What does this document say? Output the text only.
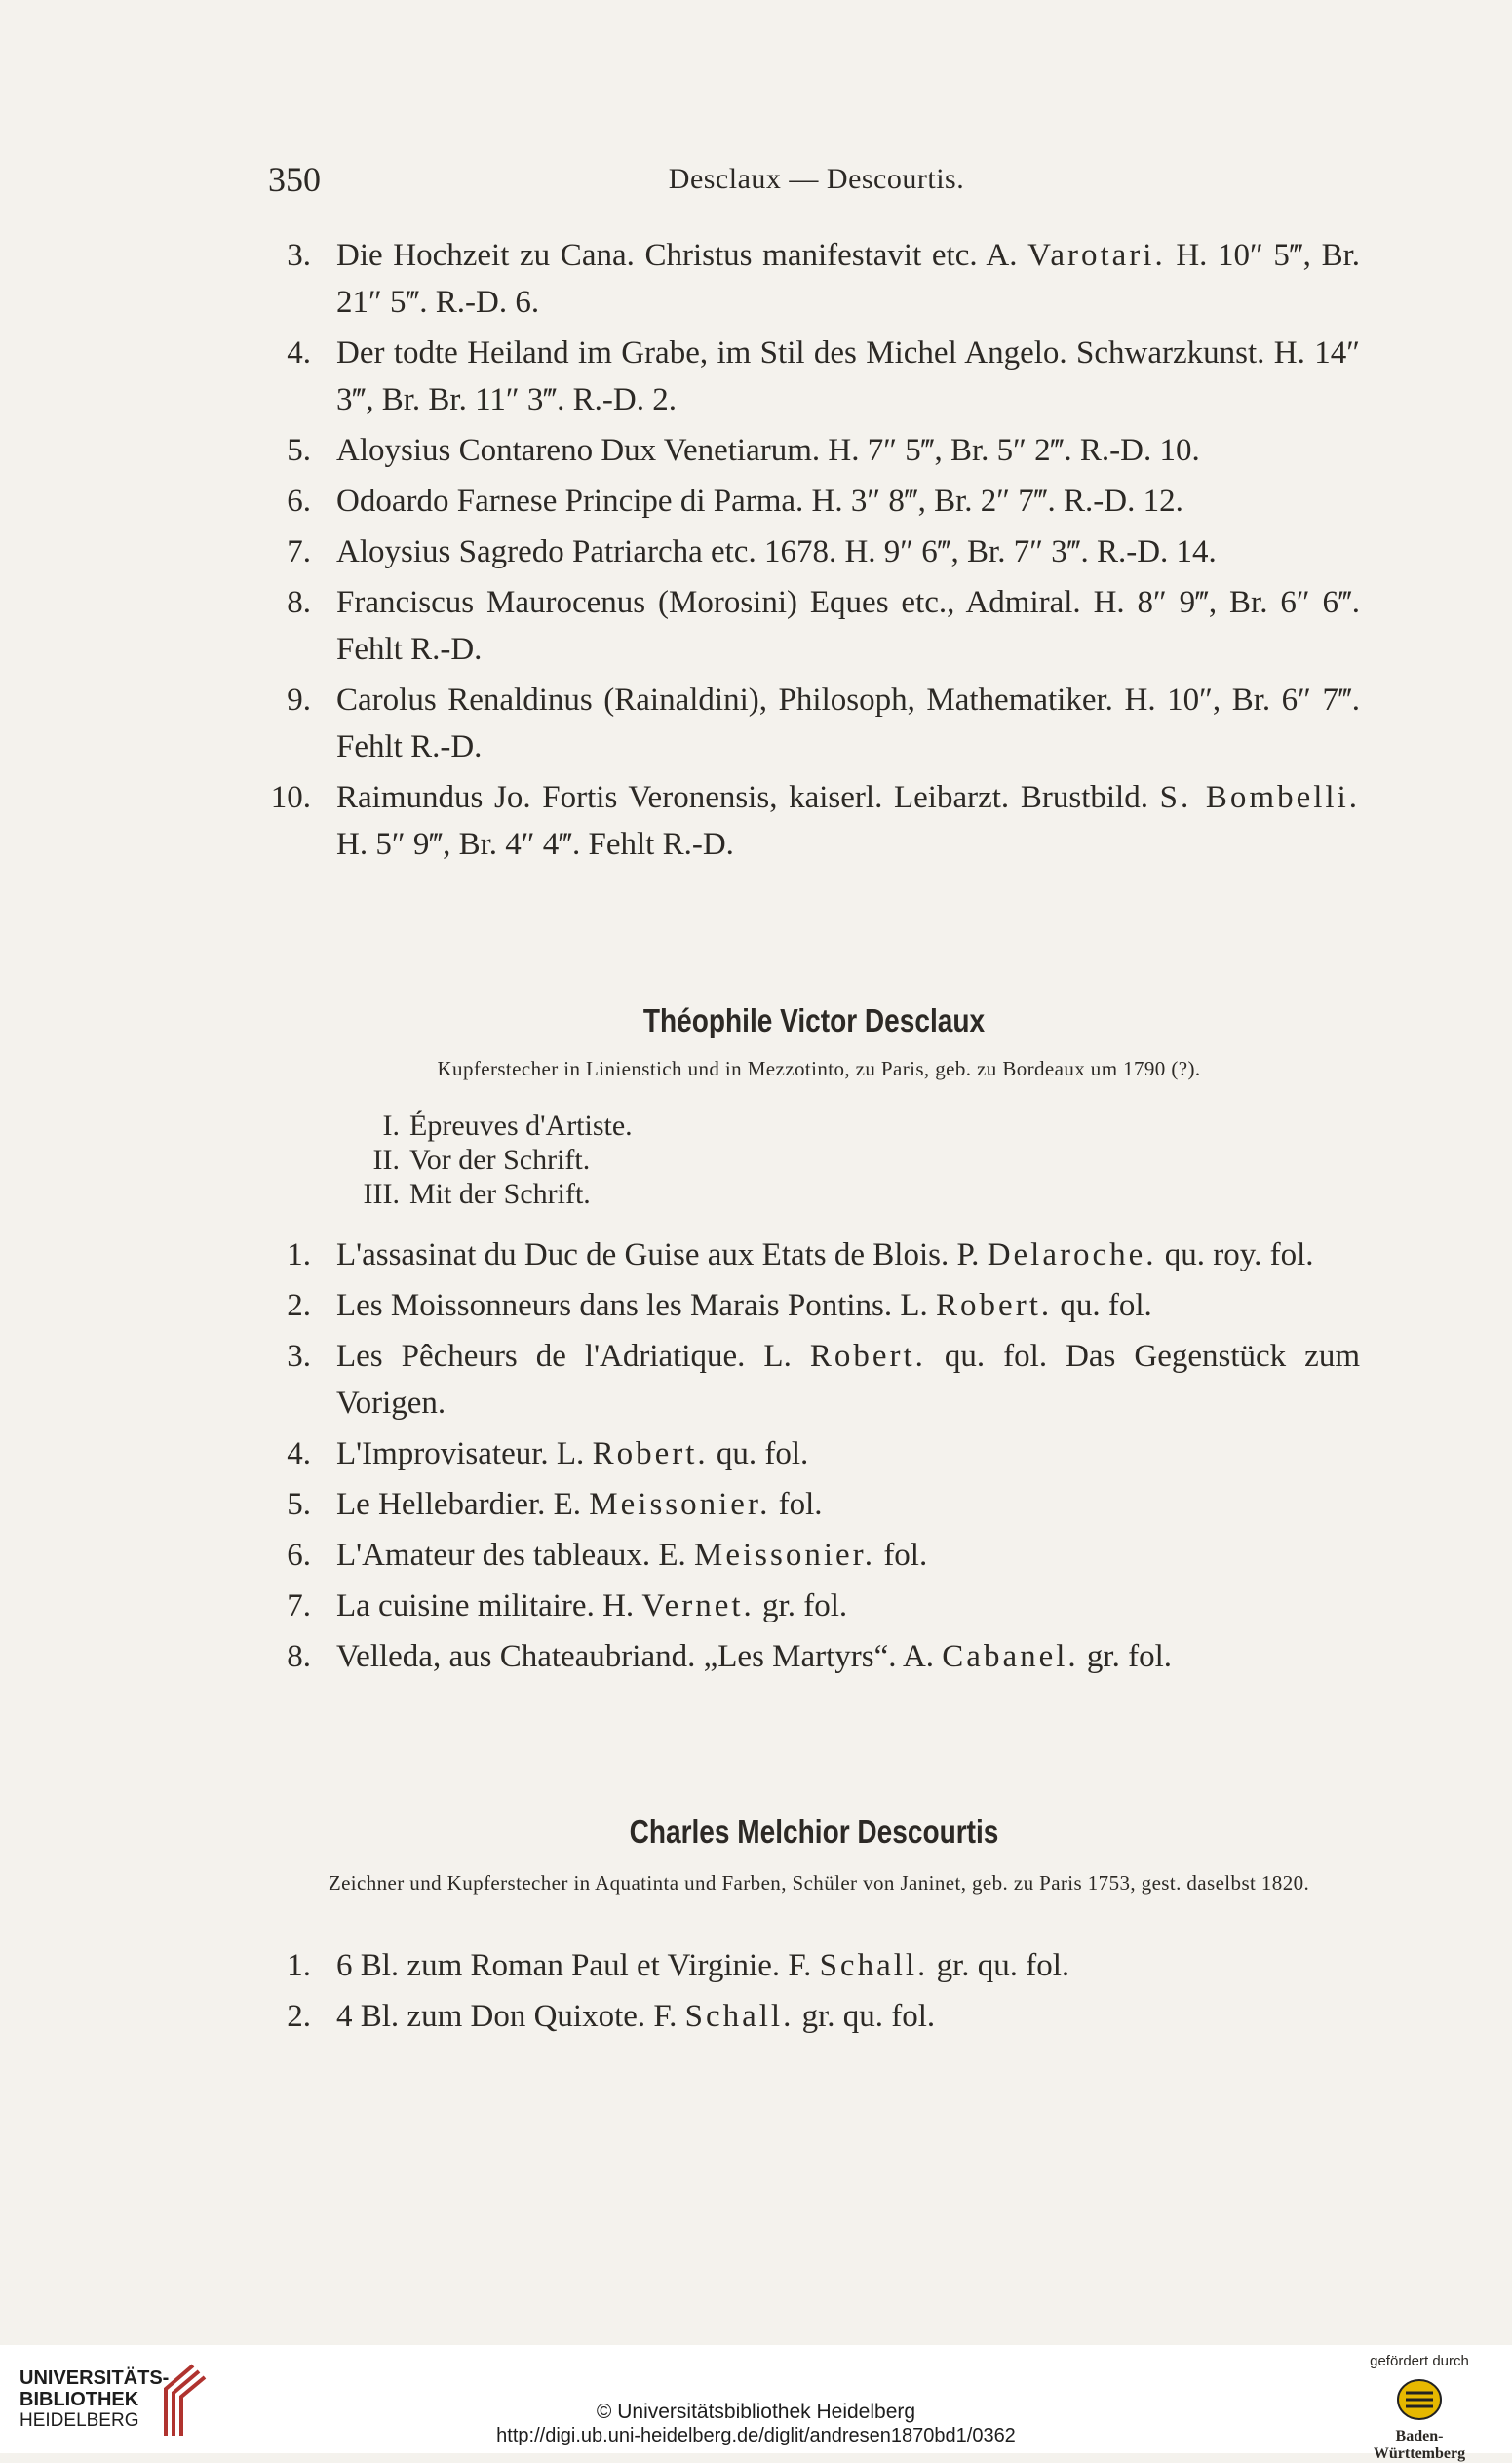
350	Desclaux — Descourtis.
3. Die Hochzeit zu Cana. Christus manifestavit etc. A. Varotari. H. 10″ 5‴, Br. 21″ 5‴. R.-D. 6.
4. Der todte Heiland im Grabe, im Stil des Michel Angelo. Schwarzkunst. H. 14″ 3‴, Br. Br. 11″ 3‴. R.-D. 2.
5. Aloysius Contareno Dux Venetiarum. H. 7″ 5‴, Br. 5″ 2‴. R.-D. 10.
6. Odoardo Farnese Principe di Parma. H. 3″ 8‴, Br. 2″ 7‴. R.-D. 12.
7. Aloysius Sagredo Patriarcha etc. 1678. H. 9″ 6‴, Br. 7″ 3‴. R.-D. 14.
8. Franciscus Maurocenus (Morosini) Eques etc., Admiral. H. 8″ 9‴, Br. 6″ 6‴. Fehlt R.-D.
9. Carolus Renaldinus (Rainaldini), Philosoph, Mathematiker. H. 10″, Br. 6″ 7‴. Fehlt R.-D.
10. Raimundus Jo. Fortis Veronensis, kaiserl. Leibarzt. Brustbild. S. Bombelli. H. 5″ 9‴, Br. 4″ 4‴. Fehlt R.-D.
Théophile Victor Desclaux
Kupferstecher in Linienstich und in Mezzotinto, zu Paris, geb. zu Bordeaux um 1790 (?).
I. Épreuves d'Artiste.
II. Vor der Schrift.
III. Mit der Schrift.
1. L'assasinat du Duc de Guise aux Etats de Blois. P. Delaroche. qu. roy. fol.
2. Les Moissonneurs dans les Marais Pontins. L. Robert. qu. fol.
3. Les Pêcheurs de l'Adriatique. L. Robert. qu. fol. Das Gegenstück zum Vorigen.
4. L'Improvisateur. L. Robert. qu. fol.
5. Le Hellebardier. E. Meissonier. fol.
6. L'Amateur des tableaux. E. Meissonier. fol.
7. La cuisine militaire. H. Vernet. gr. fol.
8. Velleda, aus Chateaubriand. „Les Martyrs“. A. Cabanel. gr. fol.
Charles Melchior Descourtis
Zeichner und Kupferstecher in Aquatinta und Farben, Schüler von Janinet, geb. zu Paris 1753, gest. daselbst 1820.
1. 6 Bl. zum Roman Paul et Virginie. F. Schall. gr. qu. fol.
2. 4 Bl. zum Don Quixote. F. Schall. gr. qu. fol.
UNIVERSITÄTS-
BIBLIOTHEK
HEIDELBERG	© Universitätsbibliothek Heidelberg
http://digi.ub.uni-heidelberg.de/diglit/andresen1870bd1/0362
gefördert durch
Baden-Württemberg
